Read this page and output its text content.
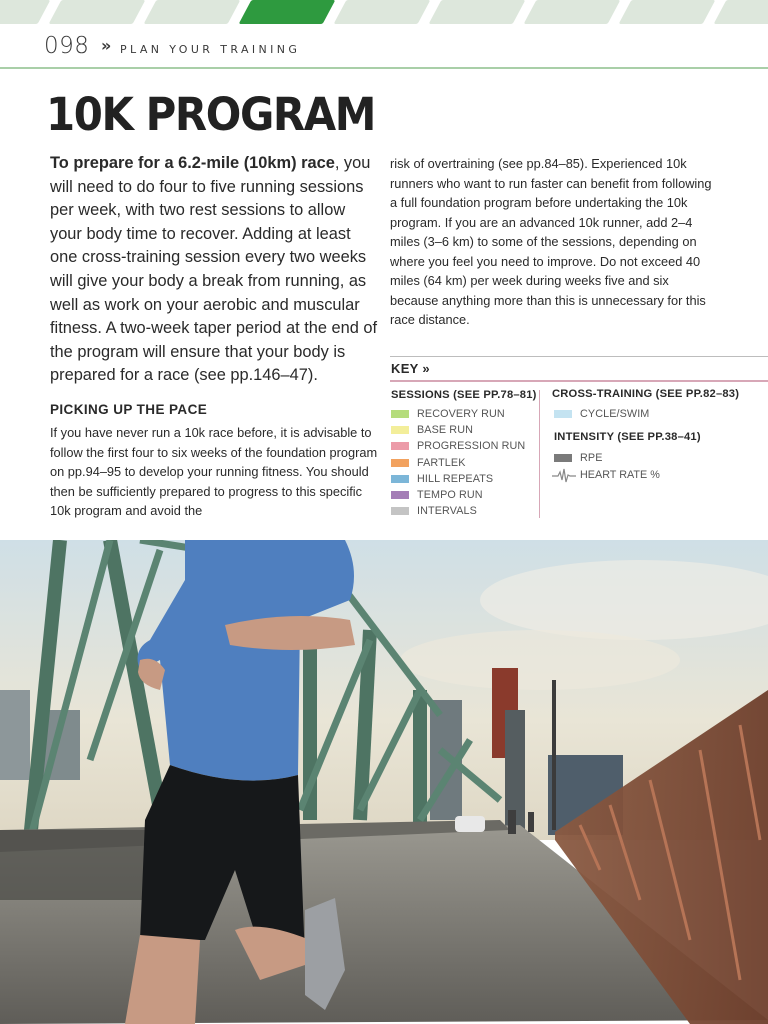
098 » PLAN YOUR TRAINING
10K PROGRAM

To prepare for a 6.2-mile (10km) race, you will need to do four to five running sessions per week, with two rest sessions to allow your body time to recover. Adding at least one cross-training session every two weeks will give your body a break from running, as well as work on your aerobic and muscular fitness. A two-week taper period at the end of the program will ensure that your body is prepared for a race (see pp.146–47).

PICKING UP THE PACE

If you have never run a 10k race before, it is advisable to follow the first four to six weeks of the foundation program on pp.94–95 to develop your running fitness. You should then be sufficiently prepared to progress to this specific 10k program and avoid the

risk of overtraining (see pp.84–85). Experienced 10k runners who want to run faster can benefit from following a full foundation program before undertaking the 10k program. If you are an advanced 10k runner, add 2–4 miles (3–6 km) to some of the sessions, depending on where you feel you need to improve. Do not exceed 40 miles (64 km) per week during weeks five and six because anything more than this is unnecessary for this race distance.

KEY »
SESSIONS (SEE PP.78–81)
RECOVERY RUN
BASE RUN
PROGRESSION RUN
FARTLEK
HILL REPEATS
TEMPO RUN
INTERVALS
CROSS-TRAINING (SEE PP.82–83)
CYCLE/SWIM
INTENSITY (SEE PP.38–41)
RPE
HEART RATE %
